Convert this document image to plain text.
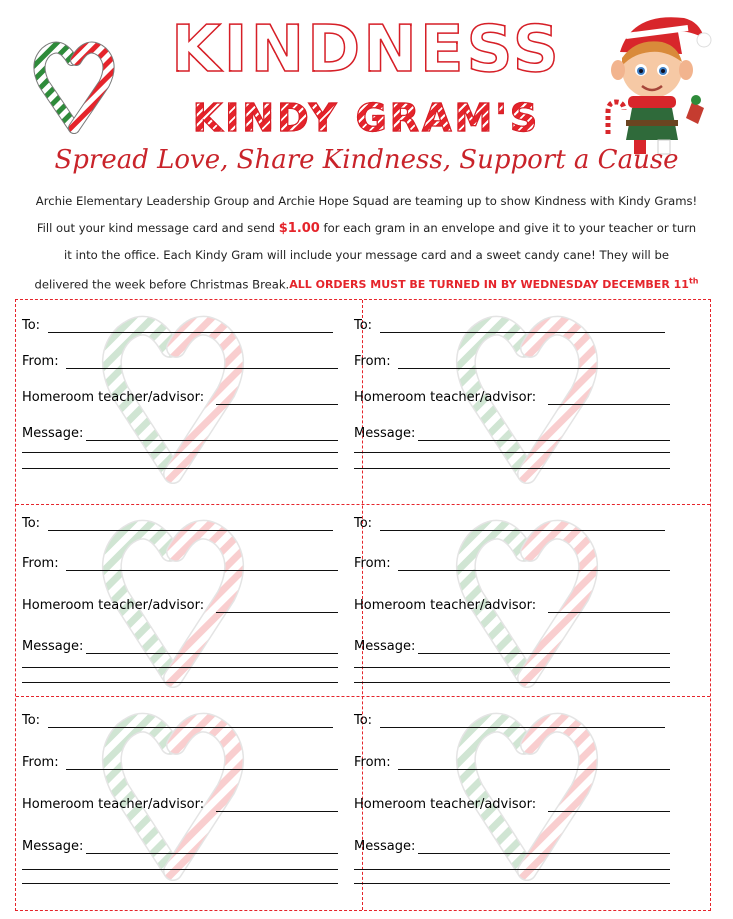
KINDNESS
KINDY GRAM'S
Spread Love, Share Kindness, Support a Cause
Archie Elementary Leadership Group and Archie Hope Squad are teaming up to show Kindness with Kindy Grams!
Fill out your kind message card and send $1.00 for each gram in an envelope and give it to your teacher or turn
it into the office. Each Kindy Gram will include your message card and a sweet candy cane! They will be
delivered the week before Christmas Break.ALL ORDERS MUST BE TURNED IN BY WEDNESDAY DECEMBER 11th
To:
From:
Homeroom teacher/advisor:
Message:
To:
From:
Homeroom teacher/advisor:
Message:
To:
From:
Homeroom teacher/advisor:
Message:
To:
From:
Homeroom teacher/advisor:
Message:
To:
From:
Homeroom teacher/advisor:
Message:
To:
From:
Homeroom teacher/advisor:
Message:
